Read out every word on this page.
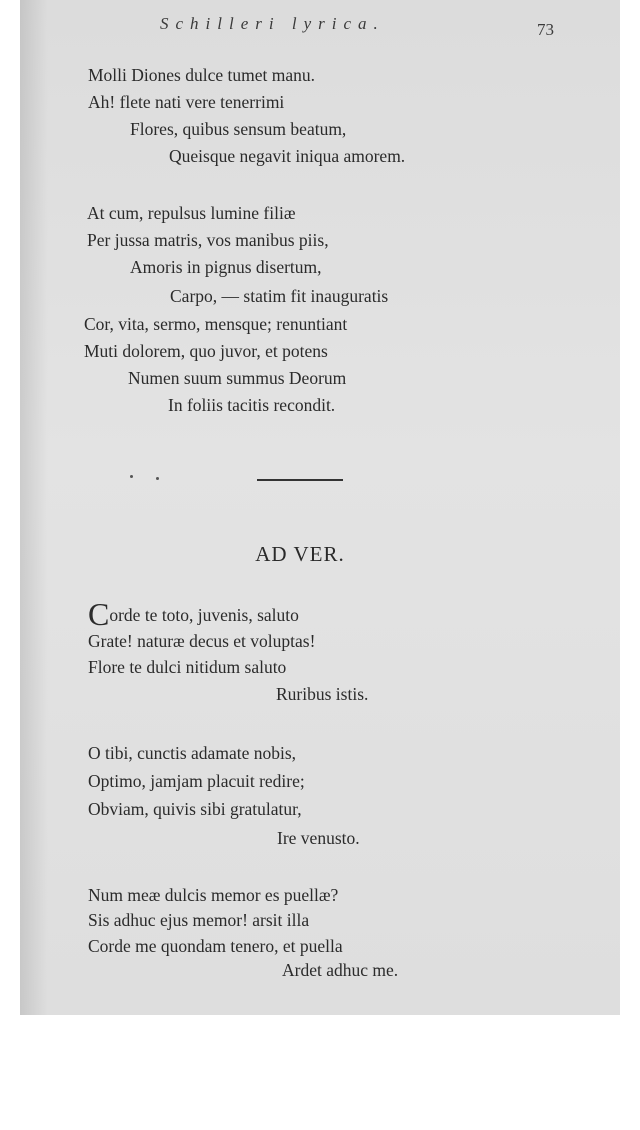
Schilleri lyrica.	73
Molli Diones dulce tumet manu.
Ah! flete nati vere tenerrimi
Flores, quibus sensum beatum,
Queisque negavit iniqua amorem.
At cum, repulsus lumine filiæ
Per jussa matris, vos manibus piis,
Amoris in pignus disertum,
Carpo, — statim fit inauguratis
Cor, vita, sermo, mensque; renuntiant
Muti dolorem, quo juvor, et potens
Numen suum summus Deorum
In foliis tacitis recondit.
AD VER.
Corde te toto, juvenis, saluto
Grate! naturæ decus et voluptas!
Flore te dulci nitidum saluto
Ruribus istis.
O tibi, cunctis adamate nobis,
Optimo, jamjam placuit redire;
Obviam, quivis sibi gratulatur,
Ire venusto.
Num meæ dulcis memor es puellæ?
Sis adhuc ejus memor! arsit illa
Corde me quondam tenero, et puella
Ardet adhuc me.
